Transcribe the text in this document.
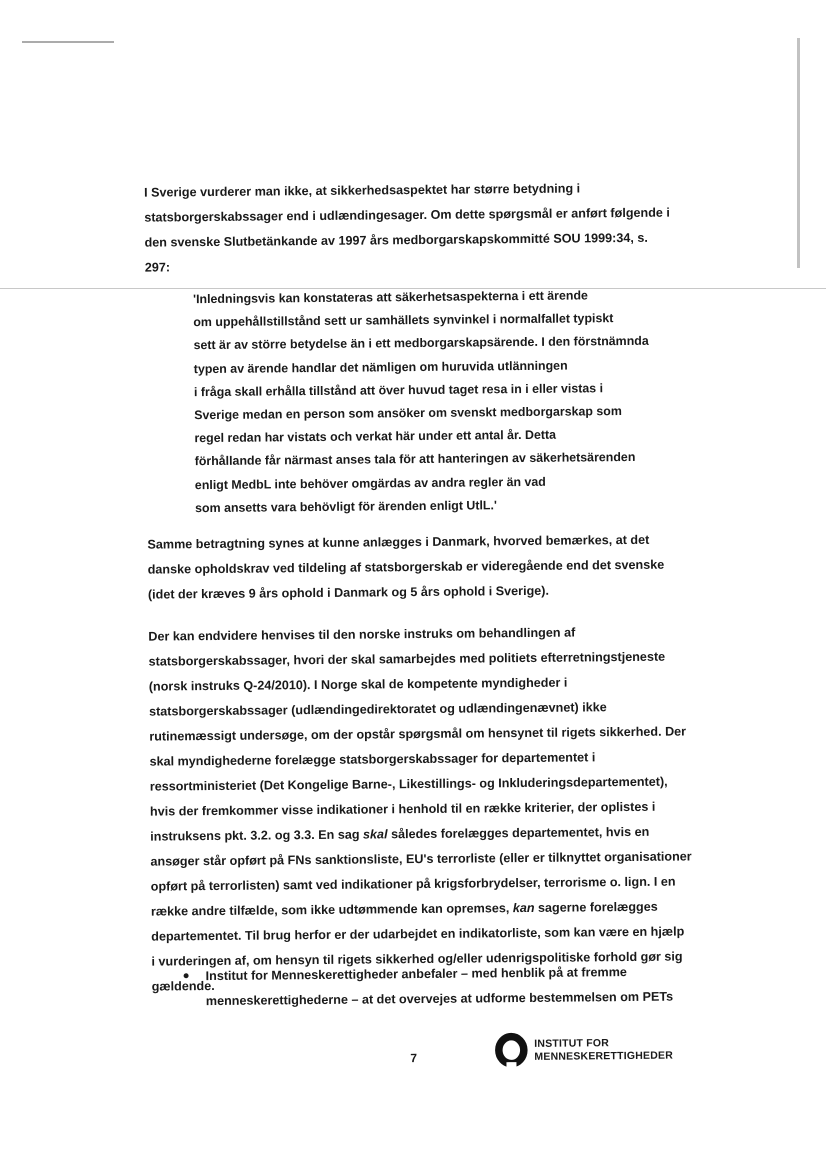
I Sverige vurderer man ikke, at sikkerhedsaspektet har større betydning i
statsborgerskabssager end i udlændingesager. Om dette spørgsmål er anført følgende i
den svenske Slutbetänkande av 1997 års medborgarskapskommitté SOU 1999:34, s.
297:

'Inledningsvis kan konstateras att säkerhetsaspekterna i ett ärende
om uppehållstillstånd sett ur samhällets synvinkel i normalfallet typiskt
sett är av större betydelse än i ett medborgarskapsärende. I den förstnämnda
typen av ärende handlar det nämligen om huruvida utlänningen
i fråga skall erhålla tillstånd att över huvud taget resa in i eller vistas i
Sverige medan en person som ansöker om svenskt medborgarskap som
regel redan har vistats och verkat här under ett antal år. Detta
förhållande får närmast anses tala för att hanteringen av säkerhetsärenden
enligt MedbL inte behöver omgärdas av andra regler än vad
som ansetts vara behövligt för ärenden enligt UtlL.'

Samme betragtning synes at kunne anlægges i Danmark, hvorved bemærkes, at det
danske opholdskrav ved tildeling af statsborgerskab er videregående end det svenske
(idet der kræves 9 års ophold i Danmark og 5 års ophold i Sverige).

Der kan endvidere henvises til den norske instruks om behandlingen af
statsborgerskabssager, hvori der skal samarbejdes med politiets efterretningstjeneste
(norsk instruks Q-24/2010). I Norge skal de kompetente myndigheder i
statsborgerskabssager (udlændingedirektoratet og udlændingenævnet) ikke
rutinemæssigt undersøge, om der opstår spørgsmål om hensynet til rigets sikkerhed. Der
skal myndighederne forelægge statsborgerskabssager for departementet i
ressortministeriet (Det Kongelige Barne-, Likestillings- og Inkluderingsdepartementet),
hvis der fremkommer visse indikationer i henhold til en række kriterier, der oplistes i
instruksens pkt. 3.2. og 3.3. En sag skal således forelægges departementet, hvis en
ansøger står opført på FNs sanktionsliste, EU's terrorliste (eller er tilknyttet organisationer
opført på terrorlisten) samt ved indikationer på krigsforbrydelser, terrorisme o. lign. I en
række andre tilfælde, som ikke udtømmende kan opremses, kan sagerne forelægges
departementet. Til brug herfor er der udarbejdet en indikatorliste, som kan være en hjælp
i vurderingen af, om hensyn til rigets sikkerhed og/eller udenrigspolitiske forhold gør sig
gældende.

Institut for Menneskerettigheder anbefaler – med henblik på at fremme
menneskerettighederne – at det overvejes at udforme bestemmelsen om PETs
7
INSTITUT FOR
MENNESKERETTIGHEDER
